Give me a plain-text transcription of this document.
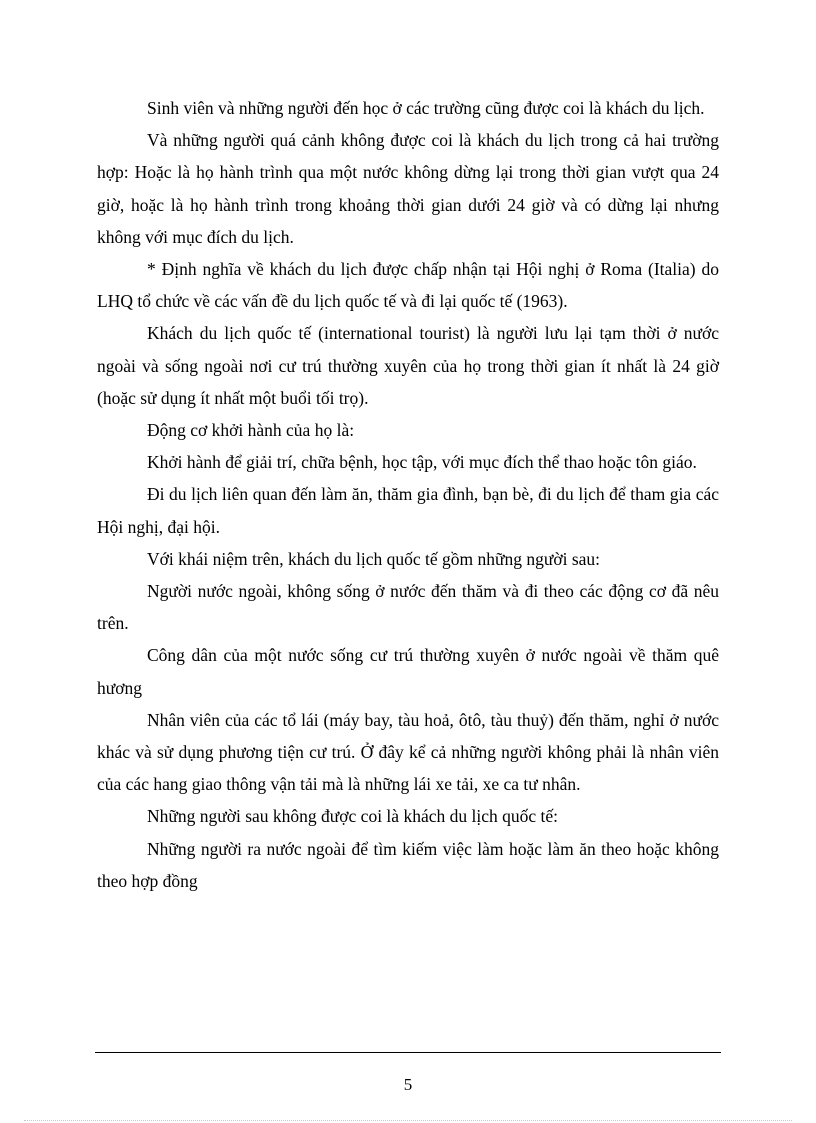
Sinh viên và những người đến học ở các trường cũng được coi là khách du lịch.

Và những người quá cảnh không được coi là khách du lịch trong cả hai trường hợp: Hoặc là họ hành trình qua một nước không dừng lại trong thời gian vượt qua 24 giờ, hoặc là họ hành trình trong khoảng thời gian dưới 24 giờ và có dừng lại nhưng không với mục đích du lịch.

* Định nghĩa về khách du lịch được chấp nhận tại Hội nghị ở Roma (Italia) do LHQ tổ chức về các vấn đề du lịch quốc tế và đi lại quốc tế (1963).

Khách du lịch quốc tế (international tourist) là người lưu lại tạm thời ở nước ngoài và sống ngoài nơi cư trú thường xuyên của họ trong thời gian ít nhất là 24 giờ (hoặc sử dụng ít nhất một buổi tối trọ).

Động cơ khởi hành của họ là:

Khởi hành để giải trí, chữa bệnh, học tập, với mục đích thể thao hoặc tôn giáo.

Đi du lịch liên quan đến làm ăn, thăm gia đình, bạn bè, đi du lịch để tham gia các Hội nghị, đại hội.

Với khái niệm trên, khách du lịch quốc tế gồm những người sau:

Người nước ngoài, không sống ở nước đến thăm và đi theo các động cơ đã nêu trên.

Công dân của một nước sống cư trú thường xuyên ở nước ngoài về thăm quê hương

Nhân viên của các tổ lái (máy bay, tàu hoả, ôtô, tàu thuỷ) đến thăm, nghỉ ở nước khác và sử dụng phương tiện cư trú. Ở đây kể cả những người không phải là nhân viên của các hang giao thông vận tải mà là những lái xe tải, xe ca tư nhân.

Những người sau không được coi là khách du lịch quốc tế:

Những người ra nước ngoài để tìm kiếm việc làm hoặc làm ăn theo hoặc không theo hợp đồng

5
